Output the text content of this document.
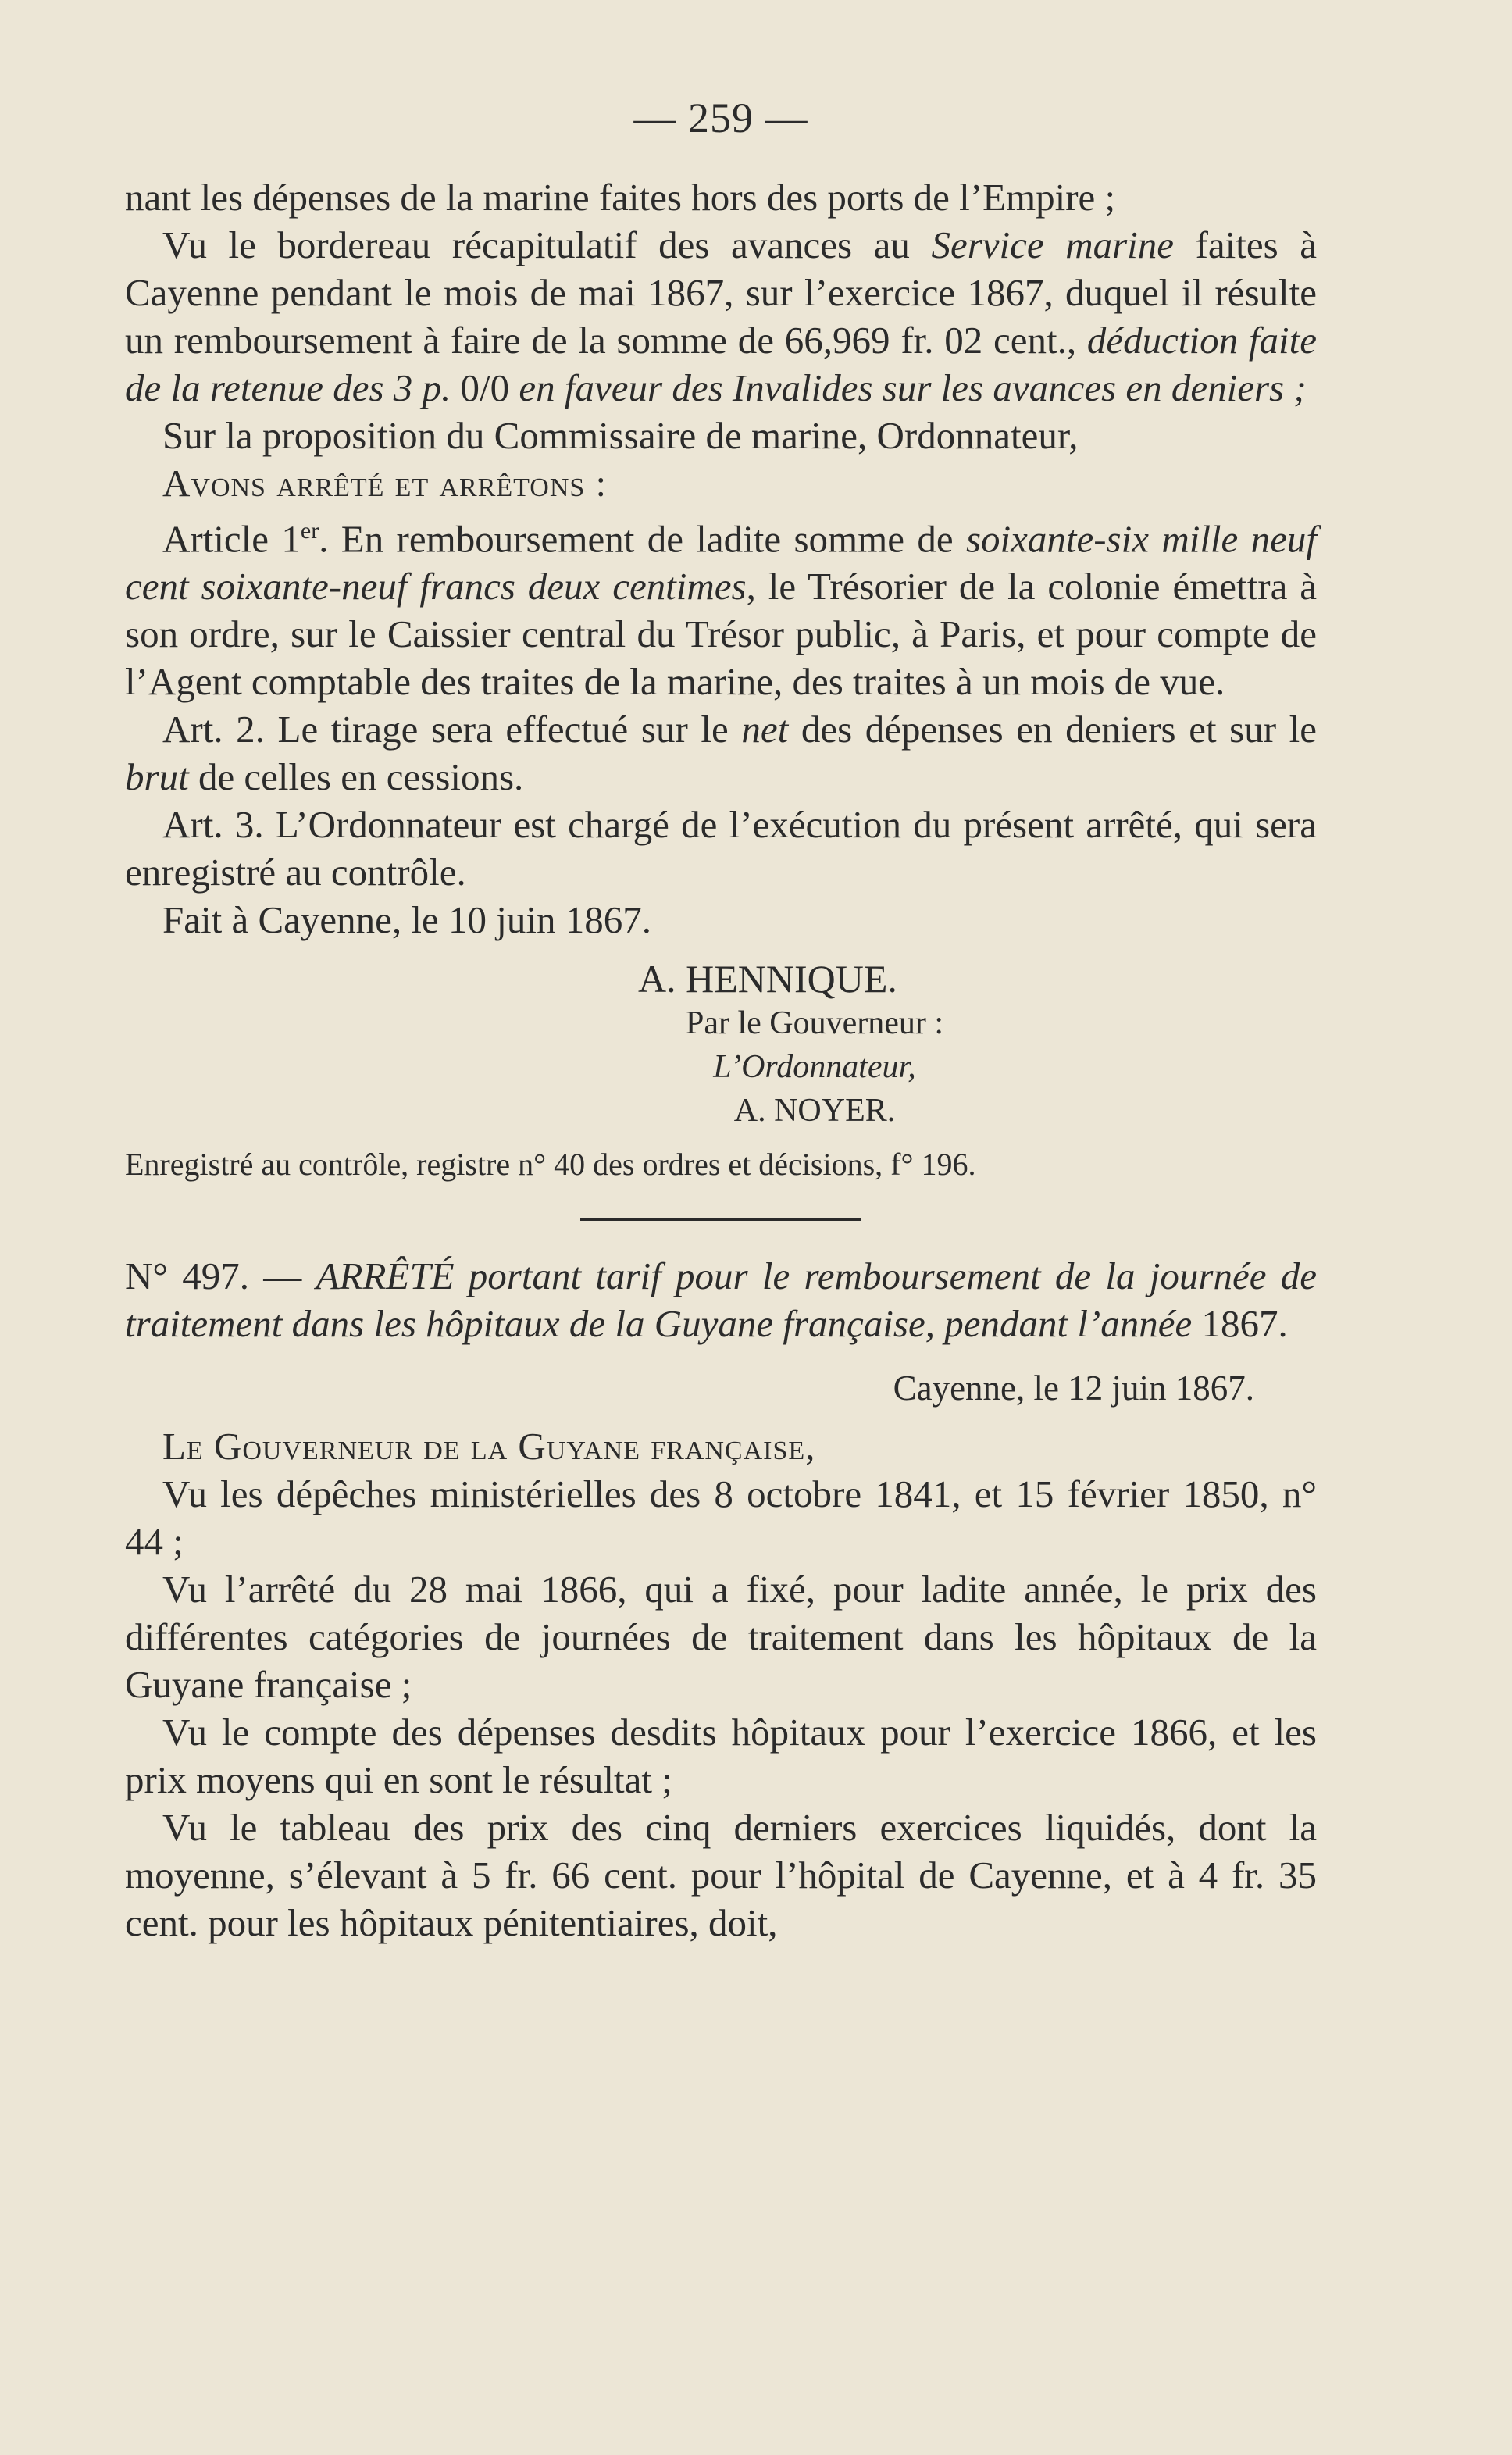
— 259 —

nant les dépenses de la marine faites hors des ports de l’Empire ;

Vu le bordereau récapitulatif des avances au Service marine faites à Cayenne pendant le mois de mai 1867, sur l’exercice 1867, duquel il résulte un remboursement à faire de la somme de 66,969 fr. 02 cent., déduction faite de la retenue des 3 p. 0/0 en faveur des Invalides sur les avances en deniers ;

Sur la proposition du Commissaire de marine, Ordonnateur,

Avons arrêté et arrêtons :

Article 1er. En remboursement de ladite somme de soixante-six mille neuf cent soixante-neuf francs deux centimes, le Trésorier de la colonie émettra à son ordre, sur le Caissier central du Trésor public, à Paris, et pour compte de l’Agent comptable des traites de la marine, des traites à un mois de vue.

Art. 2. Le tirage sera effectué sur le net des dépenses en deniers et sur le brut de celles en cessions.

Art. 3. L’Ordonnateur est chargé de l’exécution du présent arrêté, qui sera enregistré au contrôle.

Fait à Cayenne, le 10 juin 1867.

A. HENNIQUE.
Par le Gouverneur :
L’Ordonnateur,
A. NOYER.

Enregistré au contrôle, registre n° 40 des ordres et décisions, f° 196.

N° 497. — ARRÊTÉ portant tarif pour le remboursement de la journée de traitement dans les hôpitaux de la Guyane française, pendant l’année 1867.

Cayenne, le 12 juin 1867.

Le Gouverneur de la Guyane française,

Vu les dépêches ministérielles des 8 octobre 1841, et 15 février 1850, n° 44 ;

Vu l’arrêté du 28 mai 1866, qui a fixé, pour ladite année, le prix des différentes catégories de journées de traitement dans les hôpitaux de la Guyane française ;

Vu le compte des dépenses desdits hôpitaux pour l’exercice 1866, et les prix moyens qui en sont le résultat ;

Vu le tableau des prix des cinq derniers exercices liquidés, dont la moyenne, s’élevant à 5 fr. 66 cent. pour l’hôpital de Cayenne, et à 4 fr. 35 cent. pour les hôpitaux pénitentiaires, doit,
